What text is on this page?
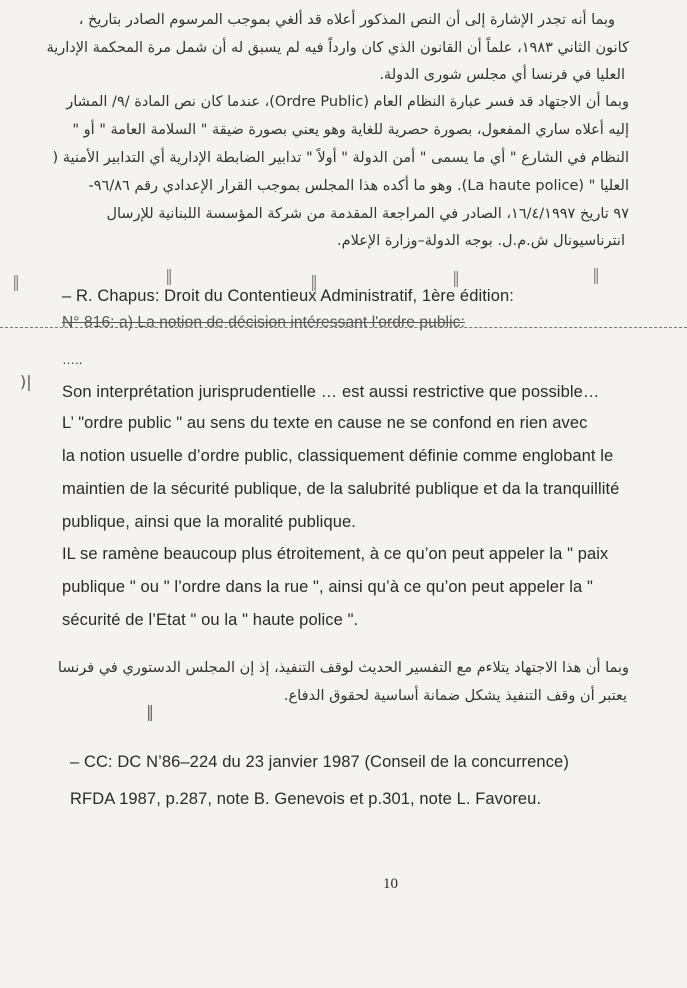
وبما أنه تجدر الإشارة إلى أن النص المذكور أعلاه قد ألغي بموجب المرسوم الصادر بتاريخ ،
كانون الثاني ١٩٨٣، علماً أن القانون الذي كان وارداً فيه لم يسبق له أن شمل مرة المحكمة الإدارية
العليا في فرنسا أي مجلس شورى الدولة.
وبما أن الاجتهاد قد فسر عبارة النظام العام (Ordre Public)، عندما كان نص المادة /٩/ المشار
إليه أعلاه ساري المفعول، بصورة حصرية للغاية وهو يعني بصورة ضيقة " السلامة العامة " أو "
النظام في الشارع " أي ما يسمى " أمن الدولة " أولاً " تدابير الضابطة الإدارية أي التدابير الأمنية (
العليا " (La haute police). وهو ما أكده هذا المجلس بموجب القرار الإعدادي رقم ٩٦/٨٦-
٩٧ تاريخ ١٦/٤/١٩٩٧، الصادر في المراجعة المقدمة من شركة المؤسسة اللبنانية للإرسال
انترناسيونال ش.م.ل. بوجه الدولة–وزارة الإعلام.
‖	‖	‖	‖	‖
– R. Chapus: Droit du Contentieux Administratif, 1ère édition:
N° 816: a) La notion de décision intéressant l'ordre public:
…..
)|
Son interprétation jurisprudentielle … est aussi restrictive que possible…
L’ "ordre public " au sens du texte en cause ne se confond en rien avec
la notion usuelle d’ordre public, classiquement définie comme englobant le
maintien de la sécurité publique, de la salubrité publique et da la tranquillité
publique, ainsi que la moralité publique.
IL se ramène beaucoup plus étroitement, à ce qu’on peut appeler la " paix
publique " ou " l’ordre dans la rue ", ainsi qu’à ce qu’on peut appeler la "
sécurité de l’Etat " ou la " haute police ".
وبما أن هذا الاجتهاد يتلاءم مع التفسير الحديث لوقف التنفيذ، إذ إن المجلس الدستوري في فرنسا
يعتبر أن وقف التنفيذ يشكل ضمانة أساسية لحقوق الدفاع.
‖
– CC: DC N’86–224 du 23 janvier 1987 (Conseil de la concurrence)
RFDA 1987, p.287, note B. Genevois et p.301, note L. Favoreu.
10
